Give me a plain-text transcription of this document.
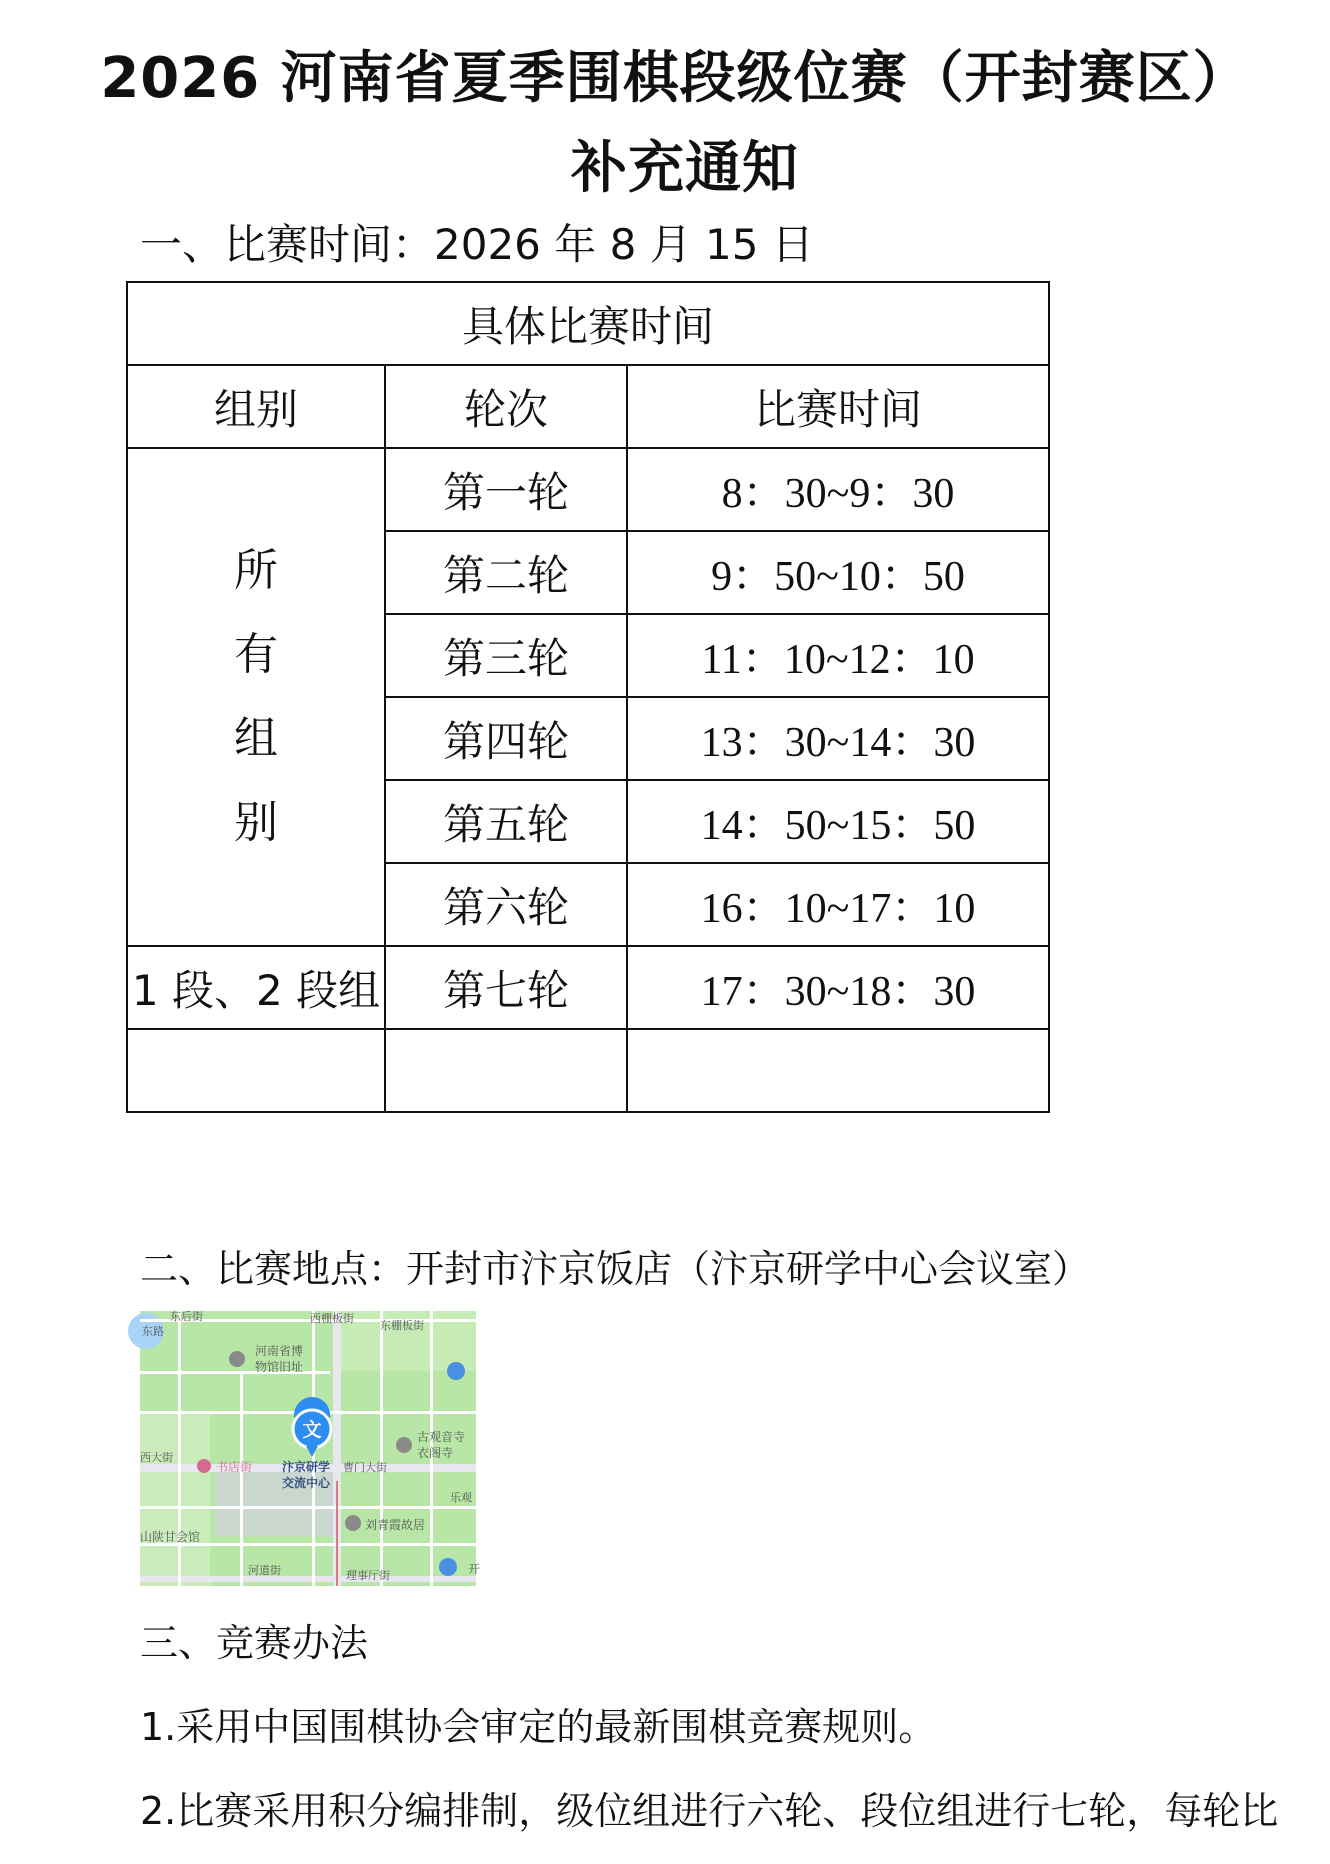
2026 河南省夏季围棋段级位赛（开封赛区）
补充通知
一、比赛时间：2026 年 8 月 15 日
具体比赛时间		
组别	轮次	比赛时间
所
有
组
别	第一轮	8：30~9：30
	第二轮	9：50~10：50
	第三轮	11：10~12：10
	第四轮	13：30~14：30
	第五轮	14：50~15：50
	第六轮	16：10~17：10
1 段、2 段组	第七轮	17：30~18：30

二、比赛地点：开封市汴京饭店（汴京研学中心会议室）
东后街	西棚板街
东棚板街
东路
河南省博
物馆旧址
古观音寺
衣阁寺
西大街
书店街 汴京研学
交流中心
曹门大街
乐观
刘青霞故居
山陕甘会馆
河道街	理事厅街	开
文
三、竞赛办法
1.采用中国围棋协会审定的最新围棋竞赛规则。
2.比赛采用积分编排制，级位组进行六轮、段位组进行七轮，每轮比
